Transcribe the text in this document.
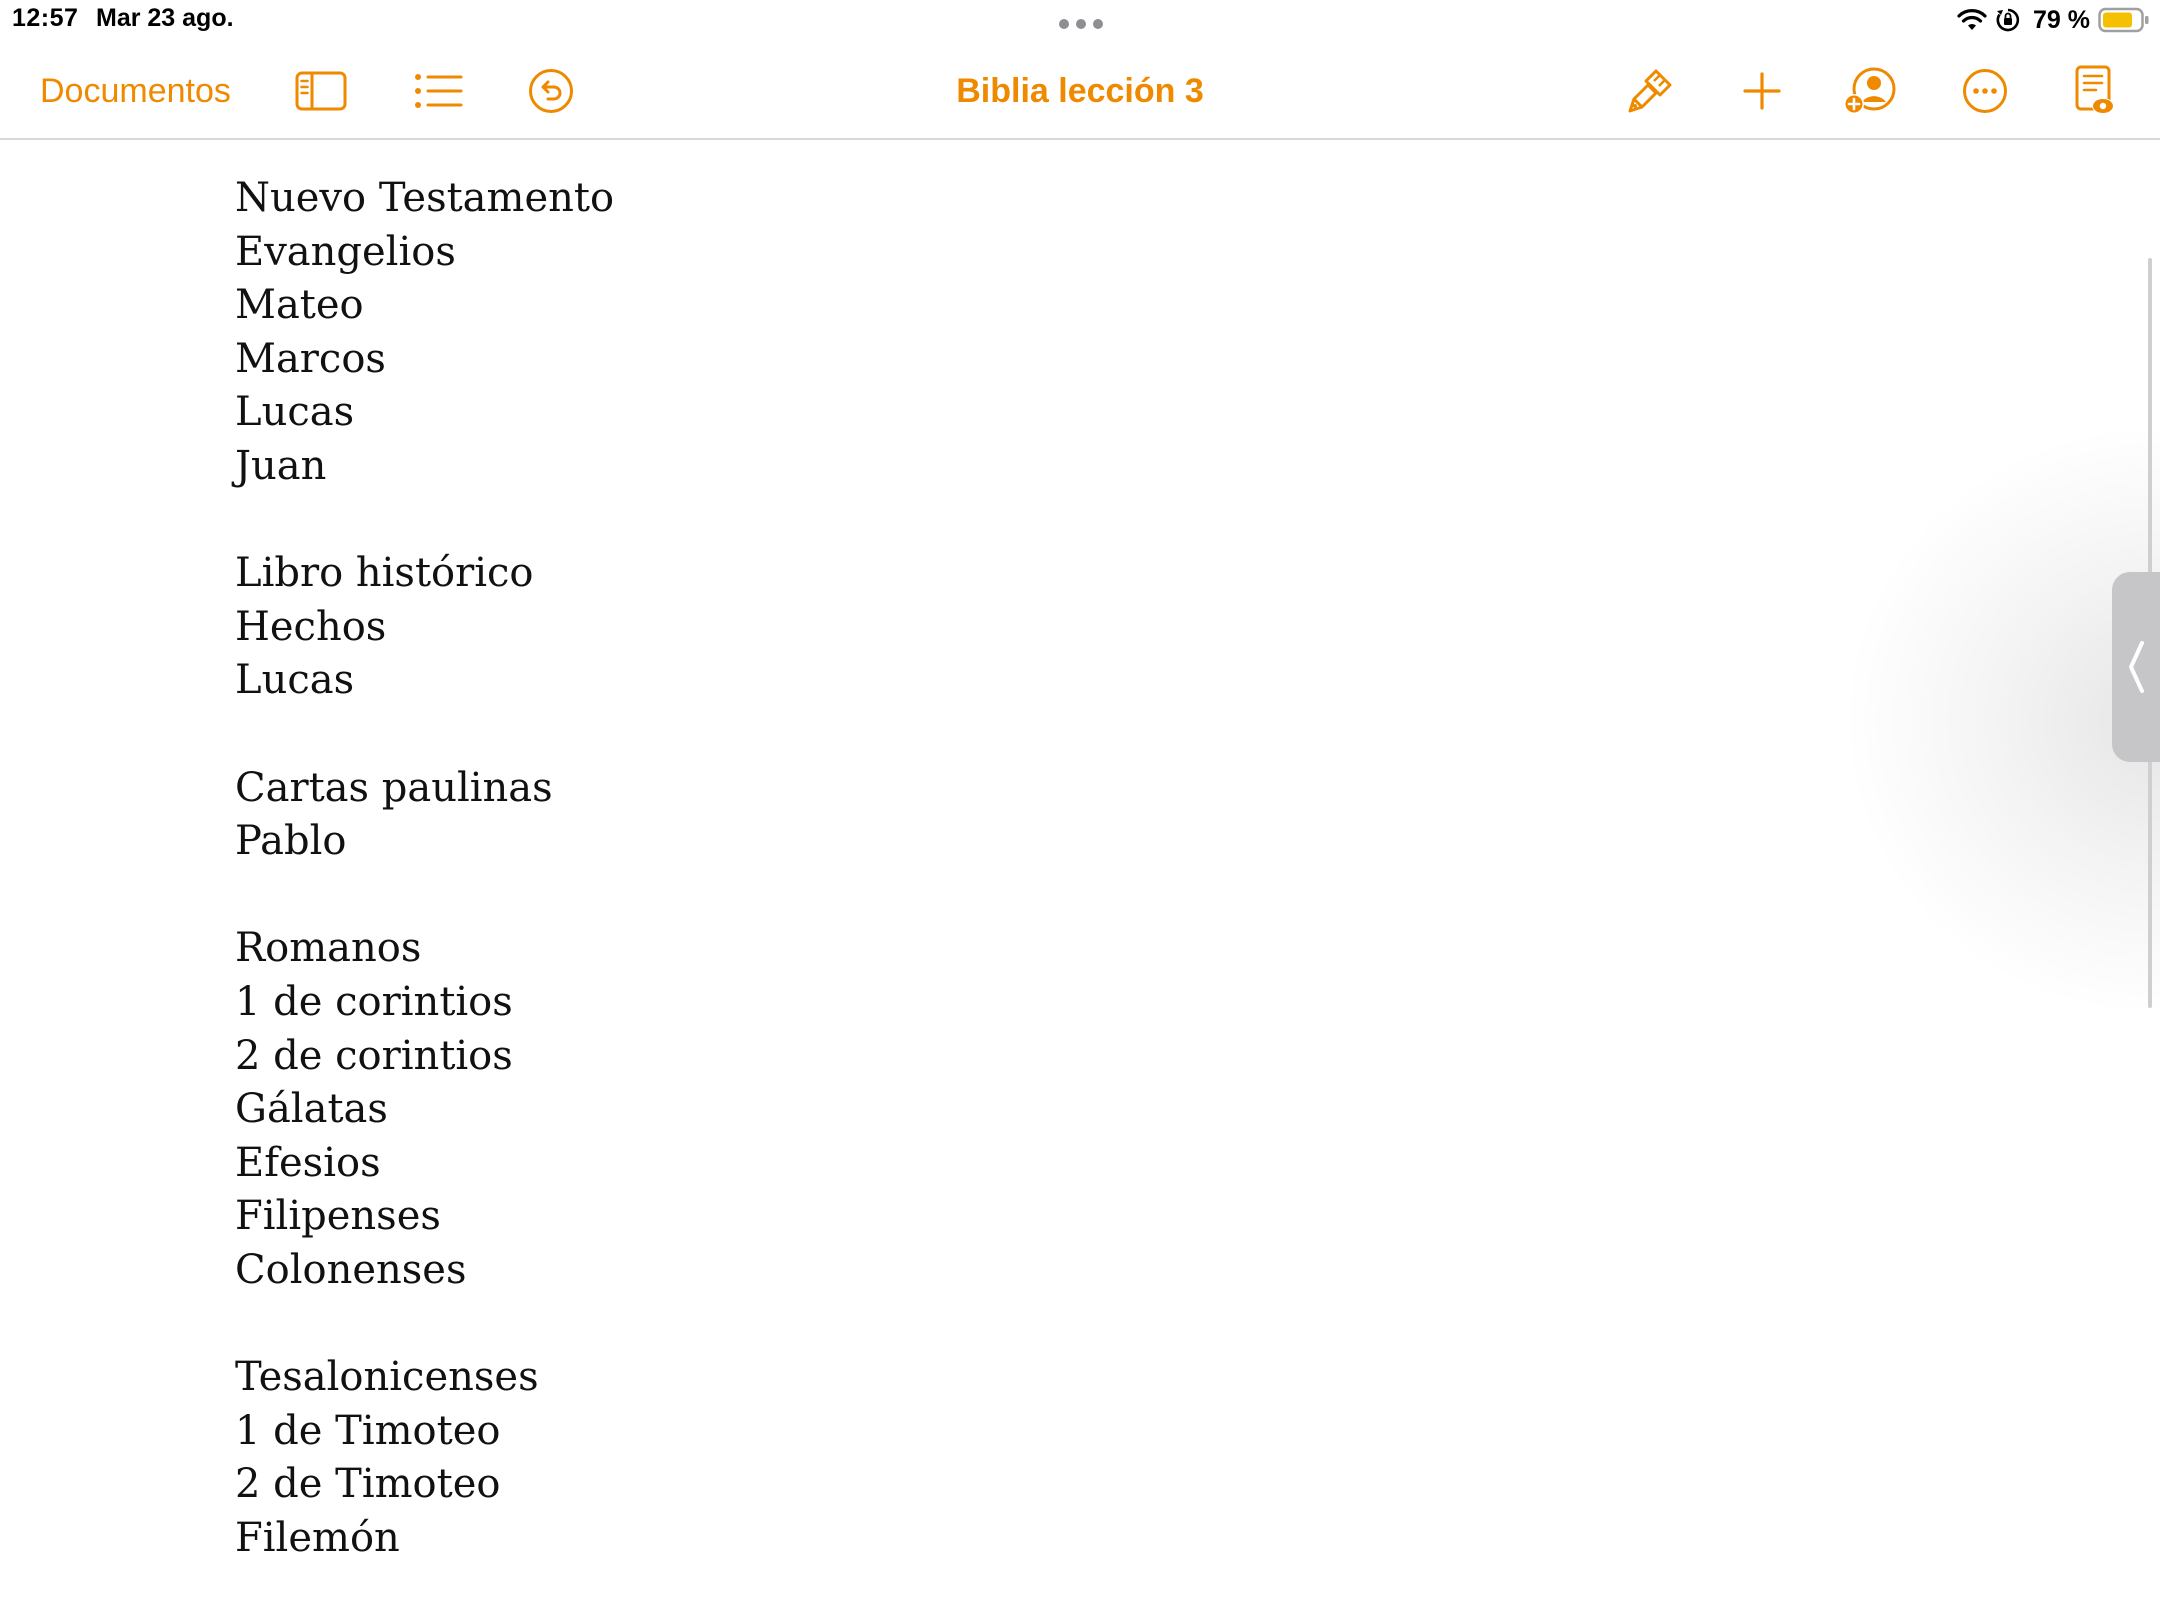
12:57 Mar 23 ago.	79 %
Documentos	Biblia lección 3
Nuevo Testamento
Evangelios
Mateo
Marcos
Lucas
Juan
Libro histórico
Hechos
Lucas
Cartas paulinas
Pablo
Romanos
1 de corintios
2 de corintios
Gálatas
Efesios
Filipenses
Colonenses
Tesalonicenses
1 de Timoteo
2 de Timoteo
Filemón
